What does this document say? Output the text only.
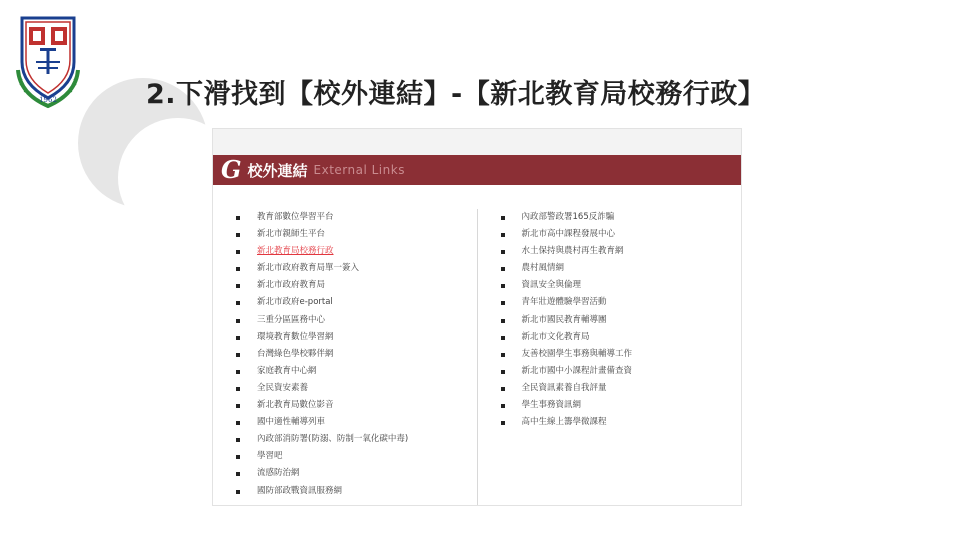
1962	2.下滑找到【校外連結】-【新北教育局校務行政】
G 校外連結 External Links
教育部數位學習平台
新北市親師生平台
新北教育局校務行政
新北市政府教育局單一簽入
新北市政府教育局
新北市政府e-portal
三重分區區務中心
環境教育數位學習網
台灣綠色學校夥伴網
家庭教育中心網
全民資安素養
新北教育局數位影音
國中適性輔導列車
內政部消防署(防溺、防制一氧化碳中毒)
學習吧
流感防治網
國防部政戰資訊服務網
內政部警政署165反詐騙
新北市高中課程發展中心
水土保持與農村再生教育網
農村風情網
資訊安全與倫理
青年壯遊體驗學習活動
新北市國民教育輔導團
新北市文化教育局
友善校園學生事務與輔導工作
新北市國中小課程計畫備查資
全民資訊素養自我評量
學生事務資訊網
高中生線上籌學微課程
